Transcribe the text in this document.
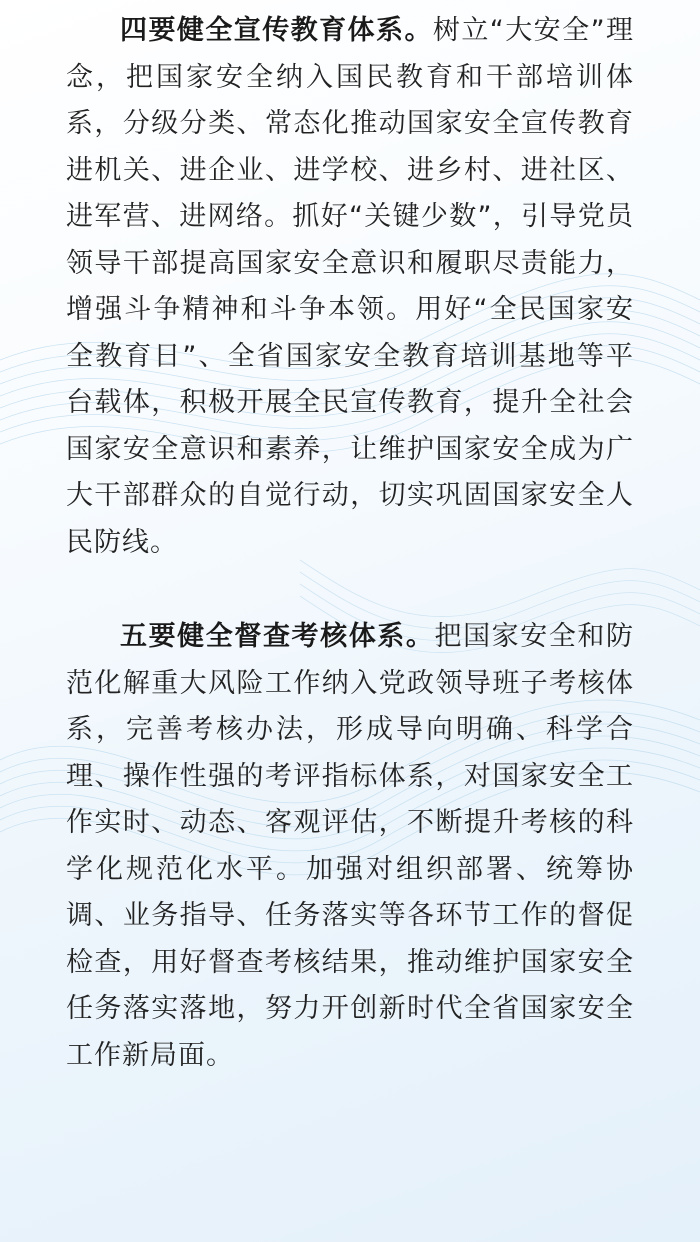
四要健全宣传教育体系。树立“大安全”理念，把国家安全纳入国民教育和干部培训体系，分级分类、常态化推动国家安全宣传教育进机关、进企业、进学校、进乡村、进社区、进军营、进网络。抓好“关键少数”，引导党员领导干部提高国家安全意识和履职尽责能力，增强斗争精神和斗争本领。用好“全民国家安全教育日”、全省国家安全教育培训基地等平台载体，积极开展全民宣传教育，提升全社会国家安全意识和素养，让维护国家安全成为广大干部群众的自觉行动，切实巩固国家安全人民防线。

五要健全督查考核体系。把国家安全和防范化解重大风险工作纳入党政领导班子考核体系，完善考核办法，形成导向明确、科学合理、操作性强的考评指标体系，对国家安全工作实时、动态、客观评估，不断提升考核的科学化规范化水平。加强对组织部署、统筹协调、业务指导、任务落实等各环节工作的督促检查，用好督查考核结果，推动维护国家安全任务落实落地，努力开创新时代全省国家安全工作新局面。
